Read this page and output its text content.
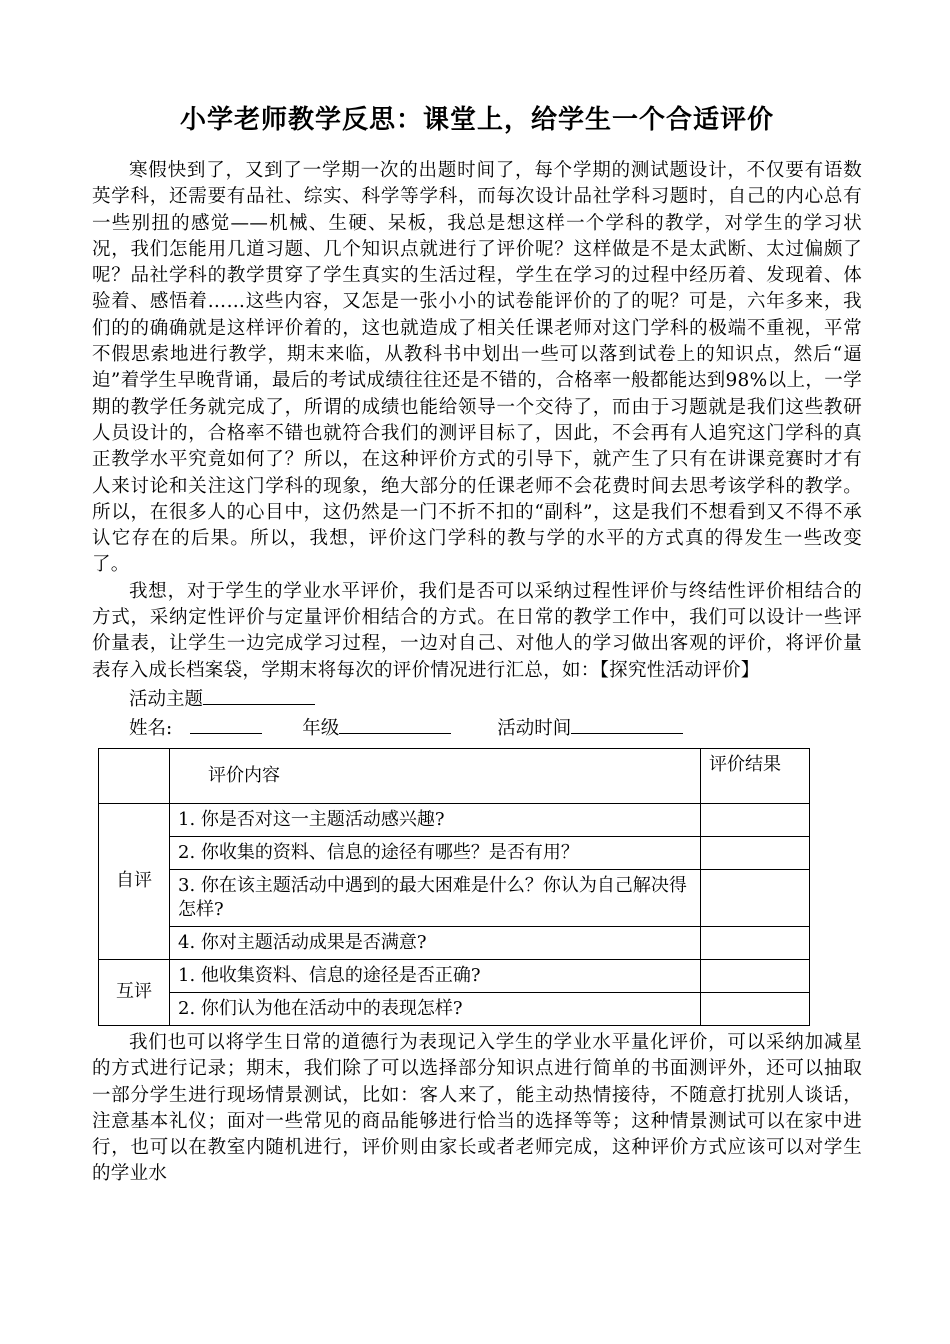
小学老师教学反思：课堂上，给学生一个合适评价

寒假快到了，又到了一学期一次的出题时间了，每个学期的测试题设计，不仅要有语数英学科，还需要有品社、综实、科学等学科，而每次设计品社学科习题时，自己的内心总有一些别扭的感觉——机械、生硬、呆板，我总是想这样一个学科的教学，对学生的学习状况，我们怎能用几道习题、几个知识点就进行了评价呢？这样做是不是太武断、太过偏颇了呢？品社学科的教学贯穿了学生真实的生活过程，学生在学习的过程中经历着、发现着、体验着、感悟着……这些内容，又怎是一张小小的试卷能评价的了的呢？可是，六年多来，我们的的确确就是这样评价着的，这也就造成了相关任课老师对这门学科的极端不重视，平常不假思索地进行教学，期末来临，从教科书中划出一些可以落到试卷上的知识点，然后“逼迫”着学生早晚背诵，最后的考试成绩往往还是不错的，合格率一般都能达到98%以上，一学期的教学任务就完成了，所谓的成绩也能给领导一个交待了，而由于习题就是我们这些教研人员设计的，合格率不错也就符合我们的测评目标了，因此，不会再有人追究这门学科的真正教学水平究竟如何了？所以，在这种评价方式的引导下，就产生了只有在讲课竞赛时才有人来讨论和关注这门学科的现象，绝大部分的任课老师不会花费时间去思考该学科的教学。所以，在很多人的心目中，这仍然是一门不折不扣的“副科”，这是我们不想看到又不得不承认它存在的后果。所以，我想，评价这门学科的教与学的水平的方式真的得发生一些改变了。

我想，对于学生的学业水平评价，我们是否可以采纳过程性评价与终结性评价相结合的方式，采纳定性评价与定量评价相结合的方式。在日常的教学工作中，我们可以设计一些评价量表，让学生一边完成学习过程，一边对自己、对他人的学习做出客观的评价，将评价量表存入成长档案袋，学期末将每次的评价情况进行汇总，如：【探究性活动评价】

活动主题

姓名:	年级	活动时间

	评价内容	评价结果
自评	1. 你是否对这一主题活动感兴趣?	
	2. 你收集的资料、信息的途径有哪些？是否有用？	
	3. 你在该主题活动中遇到的最大困难是什么？你认为自己解决得怎样?	
	4. 你对主题活动成果是否满意?	
互评	1. 他收集资料、信息的途径是否正确?	
	2. 你们认为他在活动中的表现怎样?	

我们也可以将学生日常的道德行为表现记入学生的学业水平量化评价，可以采纳加减星的方式进行记录；期末，我们除了可以选择部分知识点进行简单的书面测评外，还可以抽取一部分学生进行现场情景测试，比如：客人来了，能主动热情接待，不随意打扰别人谈话，注意基本礼仪；面对一些常见的商品能够进行恰当的选择等等；这种情景测试可以在家中进行，也可以在教室内随机进行，评价则由家长或者老师完成，这种评价方式应该可以对学生的学业水
